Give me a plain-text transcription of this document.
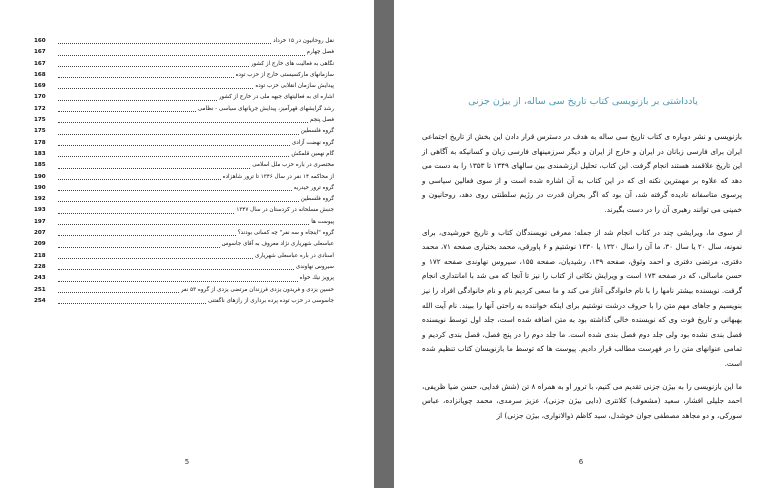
160	نقل روحانيون در ۱۵ خرداد
167	فصل چهارم
167	نگاهى به فعاليت هاى خارج از كشور
168	سازمانهاى ماركسيستى خارج از حزب توده
169	پيدايش سازمان انقلابى حزب توده
170	اشاره اى به فعاليتهاى جبهه ملى در خارج از كشور
172	رشد گرايشهاى قهرآميز، پيدايش جريانهاى سياسى - نظامى
175	فصل پنجم
175	گروه فلسطين
178	گروه نهضت آزادى
183	گام نهمين قلمكش
185	مختصرى در باره حزب ملل اسلامى
190	از محاكمه ۱۴ نفر در سال ۱۳۴۶ تا ترور شاهزاده
190	گروه ترور حيدريه
192	گروه فلسطين
193	جنبش مسلحانه در كردستان در سال ۱۳۴۷
197	پيوست ها
207	گروه "اينجاه و سه نفر" چه كسانى بودند؟
209	عباسعلى شهريارى نژاد معروف به آقاى جاسوس
218	اسنادى در باره عباسعلى شهريارى
228	سيروس نهاوندى
243	پرويز نيك خواه
251	حسين يزدى و فريدون يزدى فرزندان مرتضى يزدى از گروه ۵۳ نفر
254	جاسوسى در حزب توده پرده بردارى از رازهاى ناگفتنى
5
يادداشتى بر بازنويسى كتاب تاريخ سى ساله، از بيژن جزنى

بازنويسى و نشر دوباره ى كتاب تاريخ سى ساله به هدف در دسترس قرار دادن اين بخش از تاريخ اجتماعى ايران براى فارسى زبانان در ايران و خارج از ايران و ديگر سرزمينهاى فارسى زبان و كسانيكه به آگاهى از اين تاريخ علاقمند هستند انجام گرفت. اين كتاب، تحليل ارزشمندى بين سالهاى ۱۳۴۹ تا ۱۳۵۳ را به دست مى دهد كه علاوه بر مهمترين نكته اى كه در اين كتاب به آن اشاره شده است و از سوى فعالين سياسى و پرسوى متاسفانه ناديده گرفته شد، آن بود كه اگر بحران قدرت در رژيم سلطنتى روى دهد، روحانيون و خمينى مى توانند رهبرى آن را در دست بگيرند.

از سوى ما، ويرايشى چند در كتاب انجام شد از جمله: معرفى نويسندگان كتاب و تاريخ خورشيدى، براى نمونه، سال ۲۰ يا سال ۳۰، ما آن را سال ۱۳۲۰ يا ۱۳۳۰ نوشتيم و ۶ پاورقى، محمد بختيارى صفحه ۷۱، محمد دفترى، مرتضى دفترى و احمد وثوق، صفحه ۱۳۹، رشيديان، صفحه ۱۵۵، سيروس نهاوندى صفحه ۱۷۲ و حسن ماسالى، كه در صفحه ۱۷۳ است و ويرايش نكاتى از كتاب را نيز تا آنجا كه مى شد با امانتدارى انجام گرفت. نويسنده بيشتر نامها را با نام خانوادگى آغاز مى كند و ما سعى كرديم نام و نام خانوادگى افراد را نيز بنويسيم و جاهاى مهم متن را با حروف درشت نوشتيم براى اينكه خواننده به راحتى آنها را ببيند. نام آيت الله بهبهانى و تاريخ فوت وى كه نويسنده خالى گذاشته بود به متن اضافه شده است، جلد اول توسط نويسنده فصل بندى نشده بود ولى جلد دوم فصل بندى شده است. ما جلد دوم را در پنج فصل، فصل بندى كرديم و تمامى عنوانهاى متن را در فهرست مطالب قرار داديم. پيوست ها كه توسط ما بازنويسان كتاب تنظيم شده است.

ما اين بازنويسى را به بيژن جزنى تقديم مى كنيم، با ترور او به همراه ۸ تن (شش فدايى، حسن ضيا ظريفى، احمد جليلى افشار، سعيد (مشعوف) كلانترى (دايى بيژن جزنى)، عزيز سرمدى، محمد چوپانزاده، عباس سوركى، و دو مجاهد مصطفى جوان خوشدل، سيد كاظم ذوالانوارى، بيژن جزنى) از

6
